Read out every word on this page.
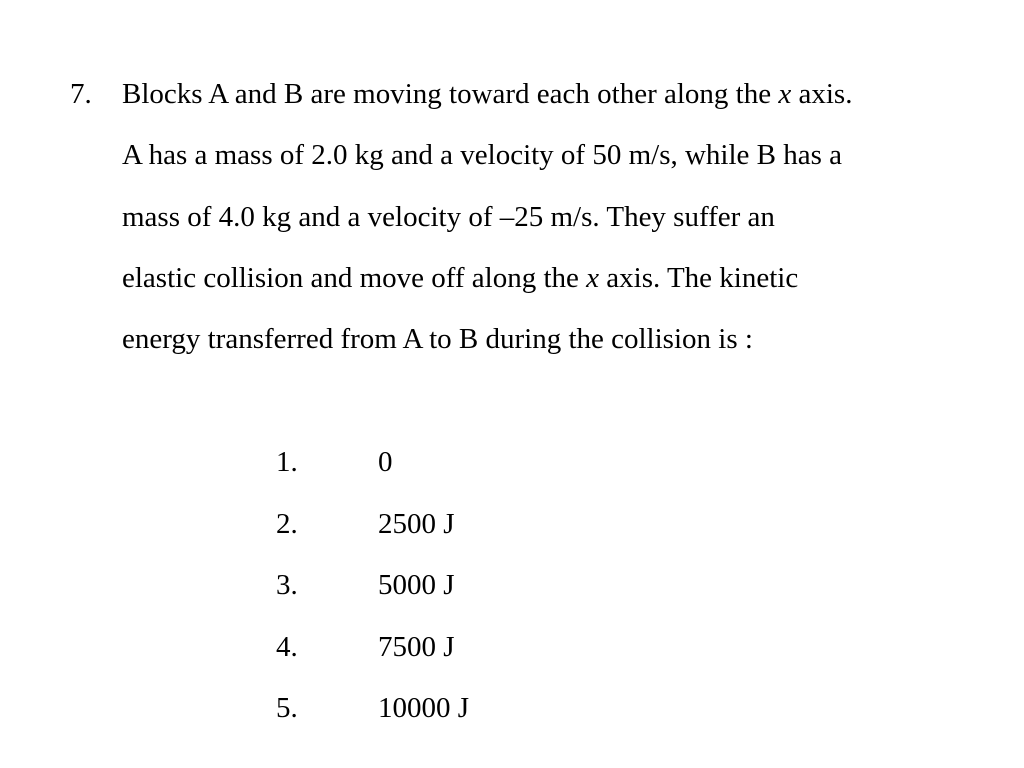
7. Blocks A and B are moving toward each other along the x axis.
A has a mass of 2.0 kg and a velocity of 50 m/s, while B has a
mass of 4.0 kg and a velocity of –25 m/s. They suffer an
elastic collision and move off along the x axis. The kinetic
energy transferred from A to B during the collision is :
1.	0
2.	2500 J
3.	5000 J
4.	7500 J
5.	10000 J
